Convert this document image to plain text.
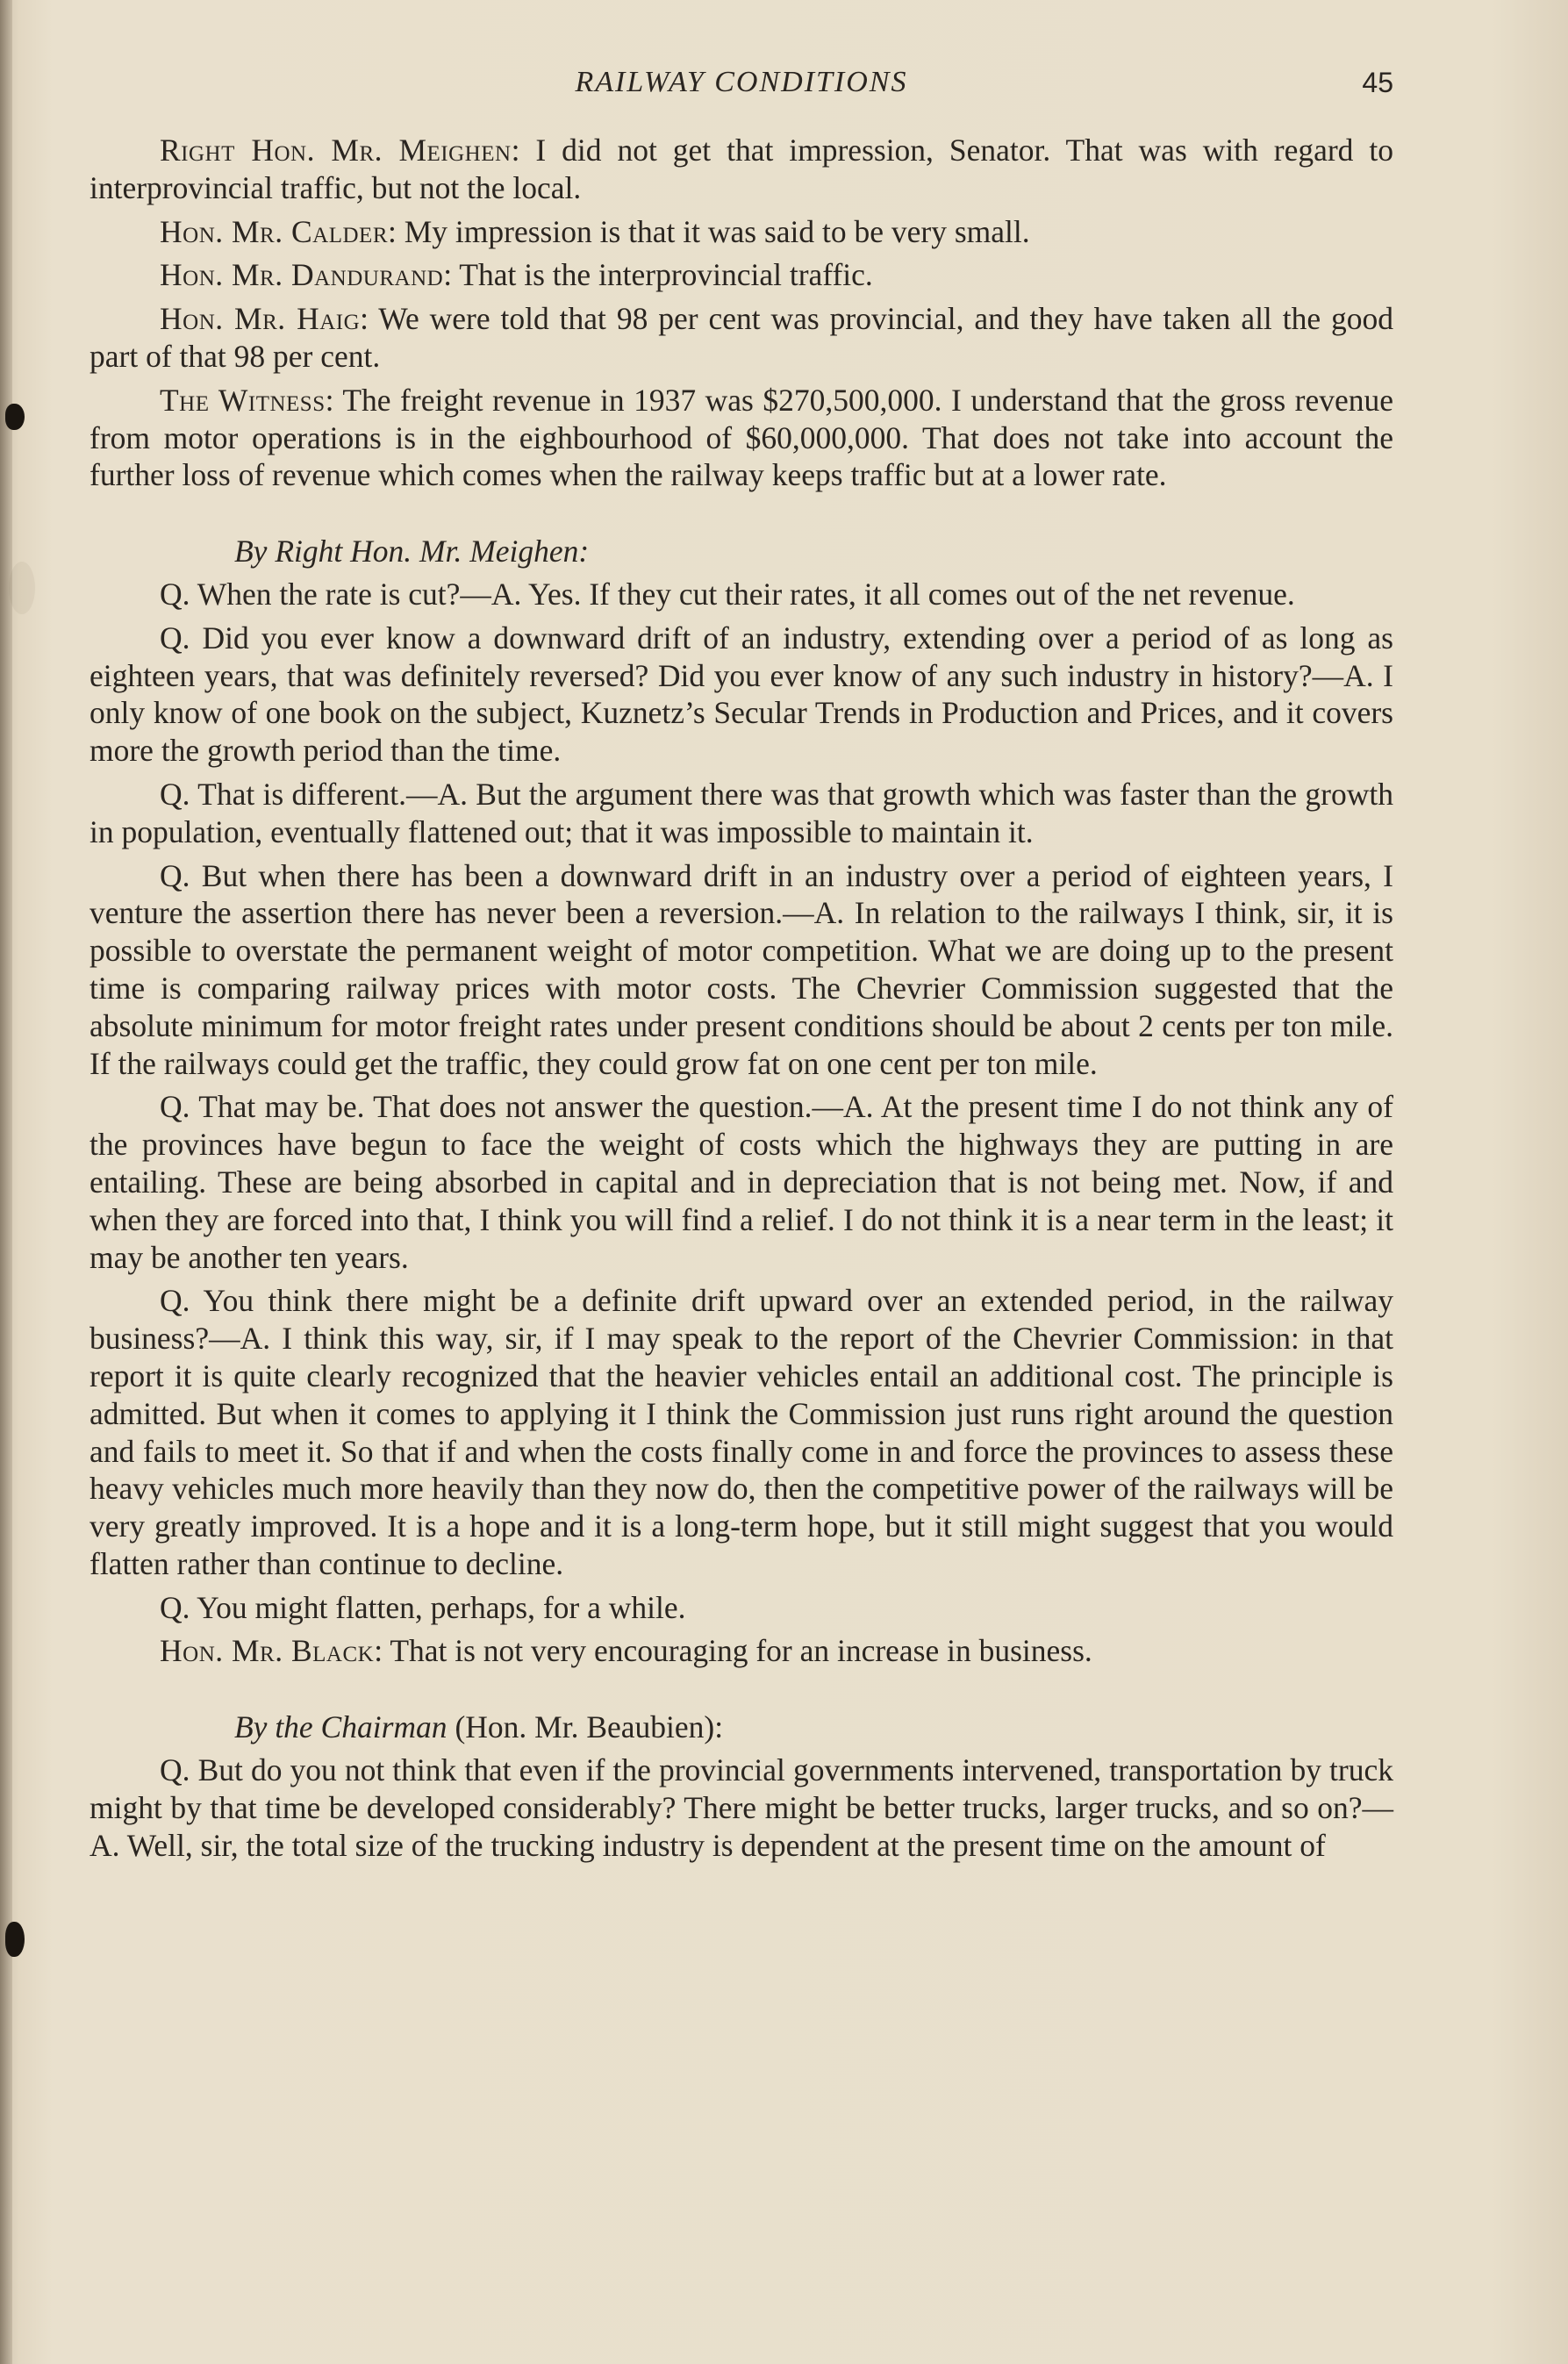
RAILWAY CONDITIONS	45

Right Hon. Mr. Meighen: I did not get that impression, Senator. That was with regard to interprovincial traffic, but not the local.

Hon. Mr. Calder: My impression is that it was said to be very small.

Hon. Mr. Dandurand: That is the interprovincial traffic.

Hon. Mr. Haig: We were told that 98 per cent was provincial, and they have taken all the good part of that 98 per cent.

The Witness: The freight revenue in 1937 was $270,500,000. I understand that the gross revenue from motor operations is in the eighbourhood of $60,000,000. That does not take into account the further loss of revenue which comes when the railway keeps traffic but at a lower rate.

By Right Hon. Mr. Meighen:

Q. When the rate is cut?—A. Yes. If they cut their rates, it all comes out of the net revenue.

Q. Did you ever know a downward drift of an industry, extending over a period of as long as eighteen years, that was definitely reversed? Did you ever know of any such industry in history?—A. I only know of one book on the subject, Kuznetz’s Secular Trends in Production and Prices, and it covers more the growth period than the time.

Q. That is different.—A. But the argument there was that growth which was faster than the growth in population, eventually flattened out; that it was impossible to maintain it.

Q. But when there has been a downward drift in an industry over a period of eighteen years, I venture the assertion there has never been a reversion.—A. In relation to the railways I think, sir, it is possible to overstate the permanent weight of motor competition. What we are doing up to the present time is comparing railway prices with motor costs. The Chevrier Commission suggested that the absolute minimum for motor freight rates under present conditions should be about 2 cents per ton mile. If the railways could get the traffic, they could grow fat on one cent per ton mile.

Q. That may be. That does not answer the question.—A. At the present time I do not think any of the provinces have begun to face the weight of costs which the highways they are putting in are entailing. These are being absorbed in capital and in depreciation that is not being met. Now, if and when they are forced into that, I think you will find a relief. I do not think it is a near term in the least; it may be another ten years.

Q. You think there might be a definite drift upward over an extended period, in the railway business?—A. I think this way, sir, if I may speak to the report of the Chevrier Commission: in that report it is quite clearly recognized that the heavier vehicles entail an additional cost. The principle is admitted. But when it comes to applying it I think the Commission just runs right around the question and fails to meet it. So that if and when the costs finally come in and force the provinces to assess these heavy vehicles much more heavily than they now do, then the competitive power of the railways will be very greatly improved. It is a hope and it is a long-term hope, but it still might suggest that you would flatten rather than continue to decline.

Q. You might flatten, perhaps, for a while.

Hon. Mr. Black: That is not very encouraging for an increase in business.

By the Chairman (Hon. Mr. Beaubien):

Q. But do you not think that even if the provincial governments intervened, transportation by truck might by that time be developed considerably? There might be better trucks, larger trucks, and so on?—A. Well, sir, the total size of the trucking industry is dependent at the present time on the amount of
